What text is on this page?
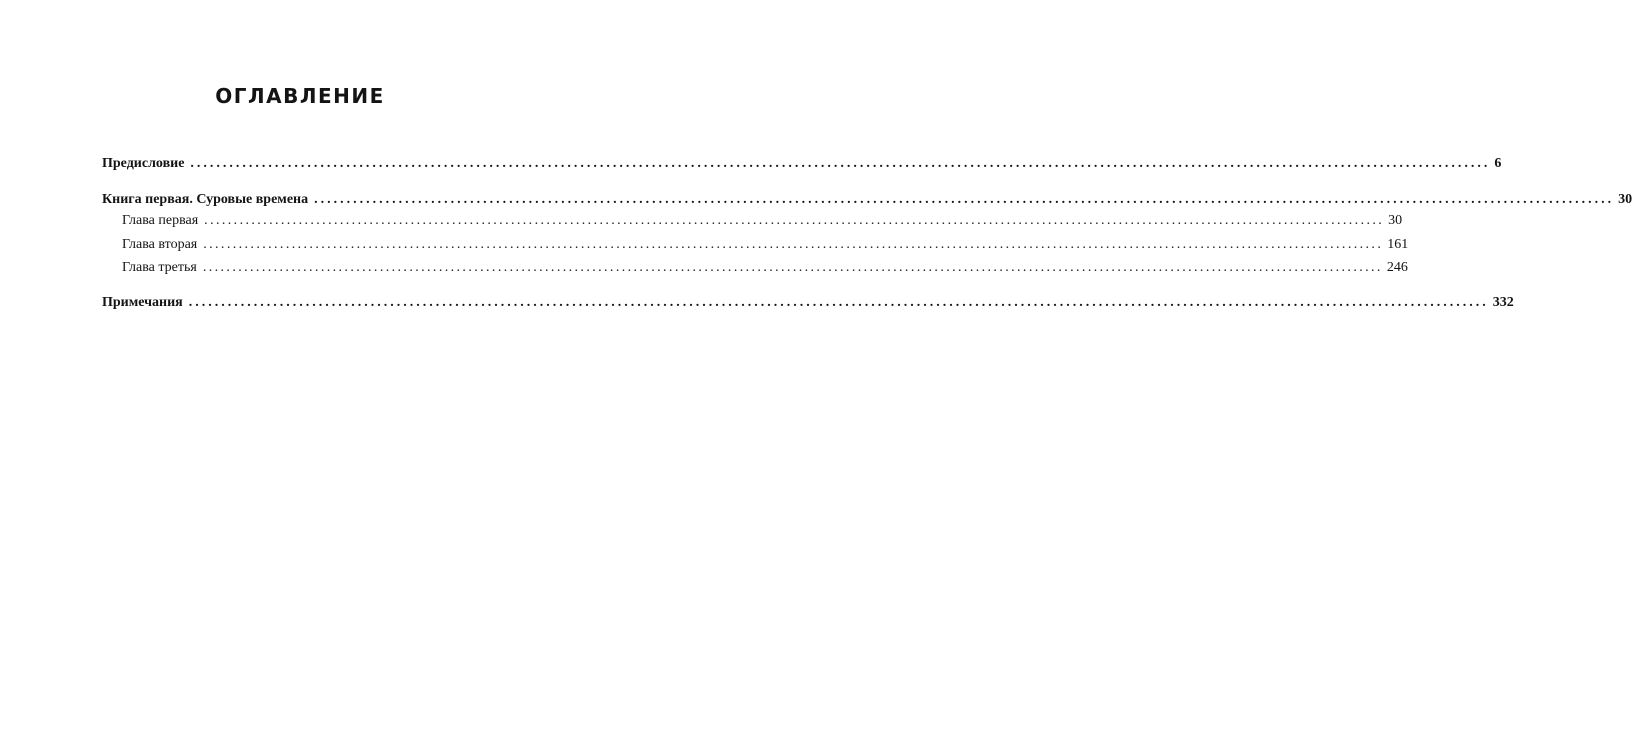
ОГЛАВЛЕНИЕ
Предисловие ........................................................................................................................................................................................................ 6
Книга первая. Суровые времена ........................................................................................................................................................................................................ 30
Глава первая ........................................................................................................................................................................................................ 30
Глава вторая ........................................................................................................................................................................................................ 161
Глава третья ........................................................................................................................................................................................................ 246
Примечания ........................................................................................................................................................................................................ 332
